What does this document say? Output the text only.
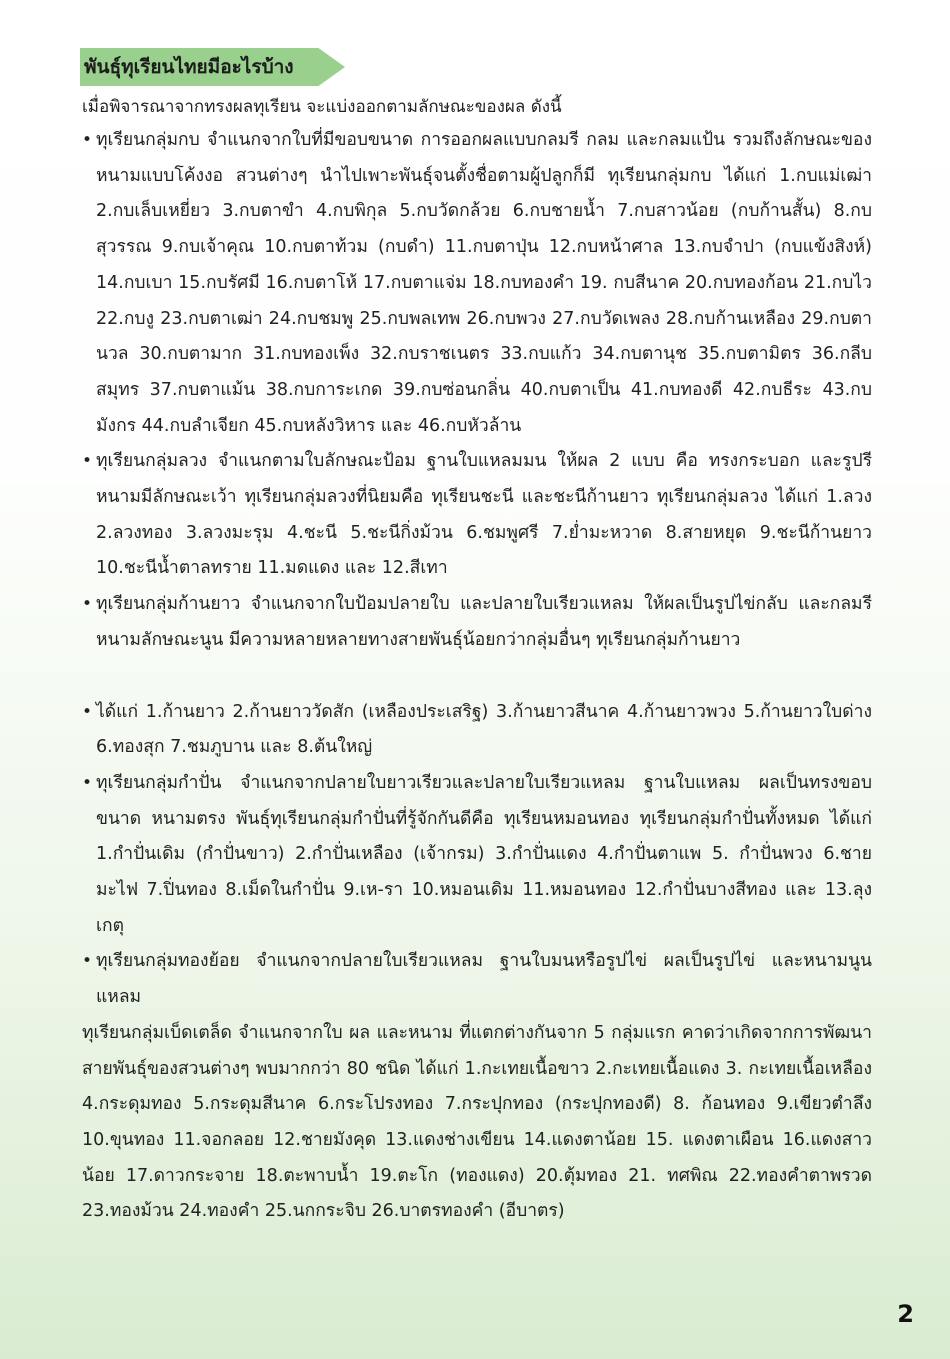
พันธุ์ทุเรียนไทยมีอะไรบ้าง
เมื่อพิจารณาจากทรงผลทุเรียน จะแบ่งออกตามลักษณะของผล ดังนี้
• ทุเรียนกลุ่มกบ จำแนกจากใบที่มีขอบขนาด การออกผลแบบกลมรี กลม และกลมแป้น รวมถึงลักษณะของหนามแบบโค้งงอ สวนต่างๆ นำไปเพาะพันธุ์จนตั้งชื่อตามผู้ปลูกก็มี ทุเรียนกลุ่มกบ ได้แก่ 1.กบแม่เฒ่า 2.กบเล็บเหยี่ยว 3.กบตาขำ 4.กบพิกุล 5.กบวัดกล้วย 6.กบชายน้ำ 7.กบสาวน้อย (กบก้านสั้น) 8.กบสุวรรณ 9.กบเจ้าคุณ 10.กบตาท้วม (กบดำ) 11.กบตาปุ่น 12.กบหน้าศาล 13.กบจำปา (กบแข้งสิงห์) 14.กบเบา 15.กบรัศมี 16.กบตาโห้ 17.กบตาแจ่ม 18.กบทองคำ 19. กบสีนาค 20.กบทองก้อน 21.กบไว 22.กบงู 23.กบตาเฒ่า 24.กบชมพู 25.กบพลเทพ 26.กบพวง 27.กบวัดเพลง 28.กบก้านเหลือง 29.กบตานวล 30.กบตามาก 31.กบทองเพ็ง 32.กบราชเนตร 33.กบแก้ว 34.กบตานุช 35.กบตามิตร 36.กลีบสมุทร 37.กบตาแม้น 38.กบการะเกด 39.กบซ่อนกลิ่น 40.กบตาเป็น 41.กบทองดี 42.กบธีระ 43.กบมังกร 44.กบลำเจียก 45.กบหลังวิหาร และ 46.กบหัวล้าน
• ทุเรียนกลุ่มลวง จำแนกตามใบลักษณะป้อม ฐานใบแหลมมน ให้ผล 2 แบบ คือ ทรงกระบอก และรูปรี หนามมีลักษณะเว้า ทุเรียนกลุ่มลวงที่นิยมคือ ทุเรียนชะนี และชะนีก้านยาว ทุเรียนกลุ่มลวง ได้แก่ 1.ลวง 2.ลวงทอง 3.ลวงมะรุม 4.ชะนี 5.ชะนีกิ่งม้วน 6.ชมพูศรี 7.ย่ำมะหวาด 8.สายหยุด 9.ชะนีก้านยาว 10.ชะนีน้ำตาลทราย 11.มดแดง และ 12.สีเทา
• ทุเรียนกลุ่มก้านยาว จำแนกจากใบป้อมปลายใบ และปลายใบเรียวแหลม ให้ผลเป็นรูปไข่กลับ และกลมรี หนามลักษณะนูน มีความหลายหลายทางสายพันธุ์น้อยกว่ากลุ่มอื่นๆ ทุเรียนกลุ่มก้านยาว
• ได้แก่ 1.ก้านยาว 2.ก้านยาววัดสัก (เหลืองประเสริฐ) 3.ก้านยาวสีนาค 4.ก้านยาวพวง 5.ก้านยาวใบด่าง 6.ทองสุก 7.ชมภูบาน และ 8.ต้นใหญ่
• ทุเรียนกลุ่มกำปั่น จำแนกจากปลายใบยาวเรียวและปลายใบเรียวแหลม ฐานใบแหลม ผลเป็นทรงขอบขนาด หนามตรง พันธุ์ทุเรียนกลุ่มกำปั่นที่รู้จักกันดีคือ ทุเรียนหมอนทอง ทุเรียนกลุ่มกำปั่นทั้งหมด ได้แก่ 1.กำปั่นเดิม (กำปั่นขาว) 2.กำปั่นเหลือง (เจ้ากรม) 3.กำปั่นแดง 4.กำปั่นตาแพ 5. กำปั่นพวง 6.ชายมะไฟ 7.ปิ่นทอง 8.เม็ดในกำปั่น 9.เห-รา 10.หมอนเดิม 11.หมอนทอง 12.กำปั่นบางสีทอง และ 13.ลุงเกตุ
• ทุเรียนกลุ่มทองย้อย จำแนกจากปลายใบเรียวแหลม ฐานใบมนหรือรูปไข่ ผลเป็นรูปไข่ และหนามนูนแหลม
ทุเรียนกลุ่มเบ็ดเตล็ด จำแนกจากใบ ผล และหนาม ที่แตกต่างกันจาก 5 กลุ่มแรก คาดว่าเกิดจากการพัฒนาสายพันธุ์ของสวนต่างๆ พบมากกว่า 80 ชนิด ได้แก่ 1.กะเทยเนื้อขาว 2.กะเทยเนื้อแดง 3. กะเทยเนื้อเหลือง 4.กระดุมทอง 5.กระดุมสีนาค 6.กระโปรงทอง 7.กระปุกทอง (กระปุกทองดี) 8. ก้อนทอง 9.เขียวตำลึง 10.ขุนทอง 11.จอกลอย 12.ชายมังคุด 13.แดงช่างเขียน 14.แดงตาน้อย 15. แดงตาเผือน 16.แดงสาวน้อย 17.ดาวกระจาย 18.ตะพาบน้ำ 19.ตะโก (ทองแดง) 20.ตุ้มทอง 21. ทศพิณ 22.ทองคำตาพรวด 23.ทองม้วน 24.ทองคำ 25.นกกระจิบ 26.บาตรทองคำ (อีบาตร)
2
